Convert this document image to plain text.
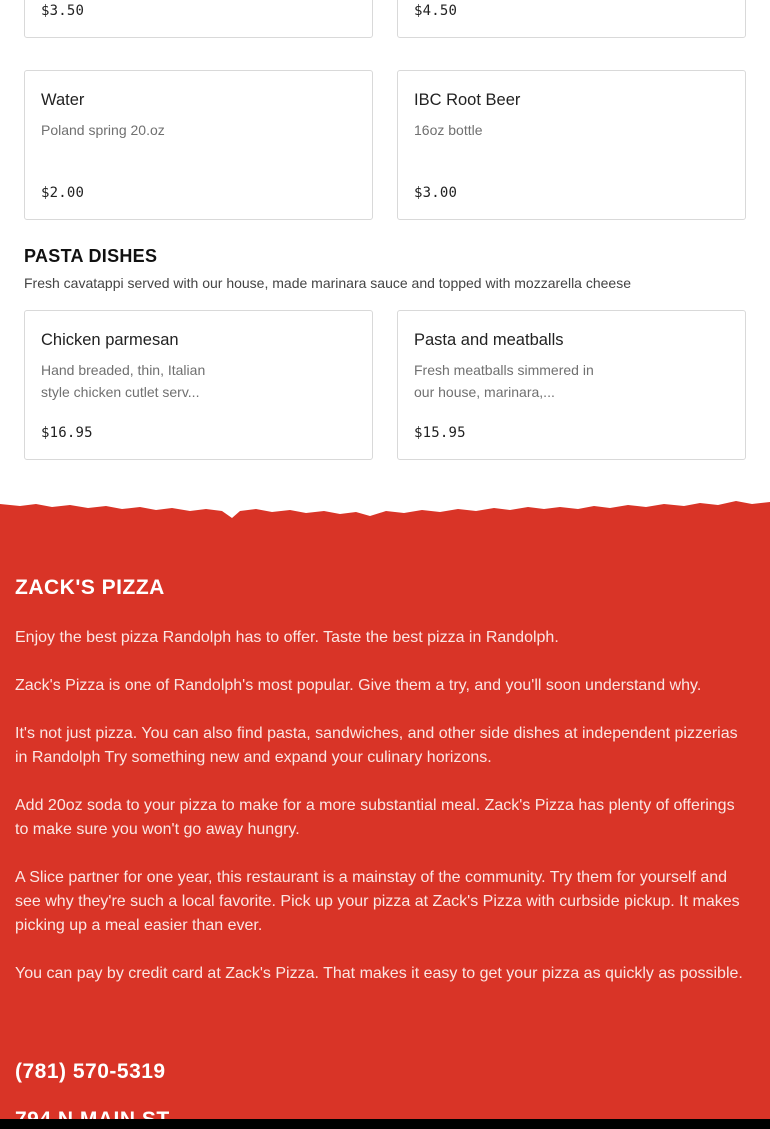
$3.50	$4.50
Water
Poland spring 20.oz
$2.00
IBC Root Beer
16oz bottle
$3.00
PASTA DISHES

Fresh cavatappi served with our house, made marinara sauce and topped with mozzarella cheese

Chicken parmesan
Hand breaded, thin, Italian style chicken cutlet serv...
$16.95
Pasta and meatballs
Fresh meatballs simmered in our house, marinara,...
$15.95
ZACK'S PIZZA

Enjoy the best pizza Randolph has to offer. Taste the best pizza in Randolph.

Zack's Pizza is one of Randolph's most popular. Give them a try, and you'll soon understand why.

It's not just pizza. You can also find pasta, sandwiches, and other side dishes at independent pizzerias in Randolph Try something new and expand your culinary horizons.

Add 20oz soda to your pizza to make for a more substantial meal. Zack's Pizza has plenty of offerings to make sure you won't go away hungry.

A Slice partner for one year, this restaurant is a mainstay of the community. Try them for yourself and see why they're such a local favorite. Pick up your pizza at Zack's Pizza with curbside pickup. It makes picking up a meal easier than ever.

You can pay by credit card at Zack's Pizza. That makes it easy to get your pizza as quickly as possible.

(781) 570-5319
